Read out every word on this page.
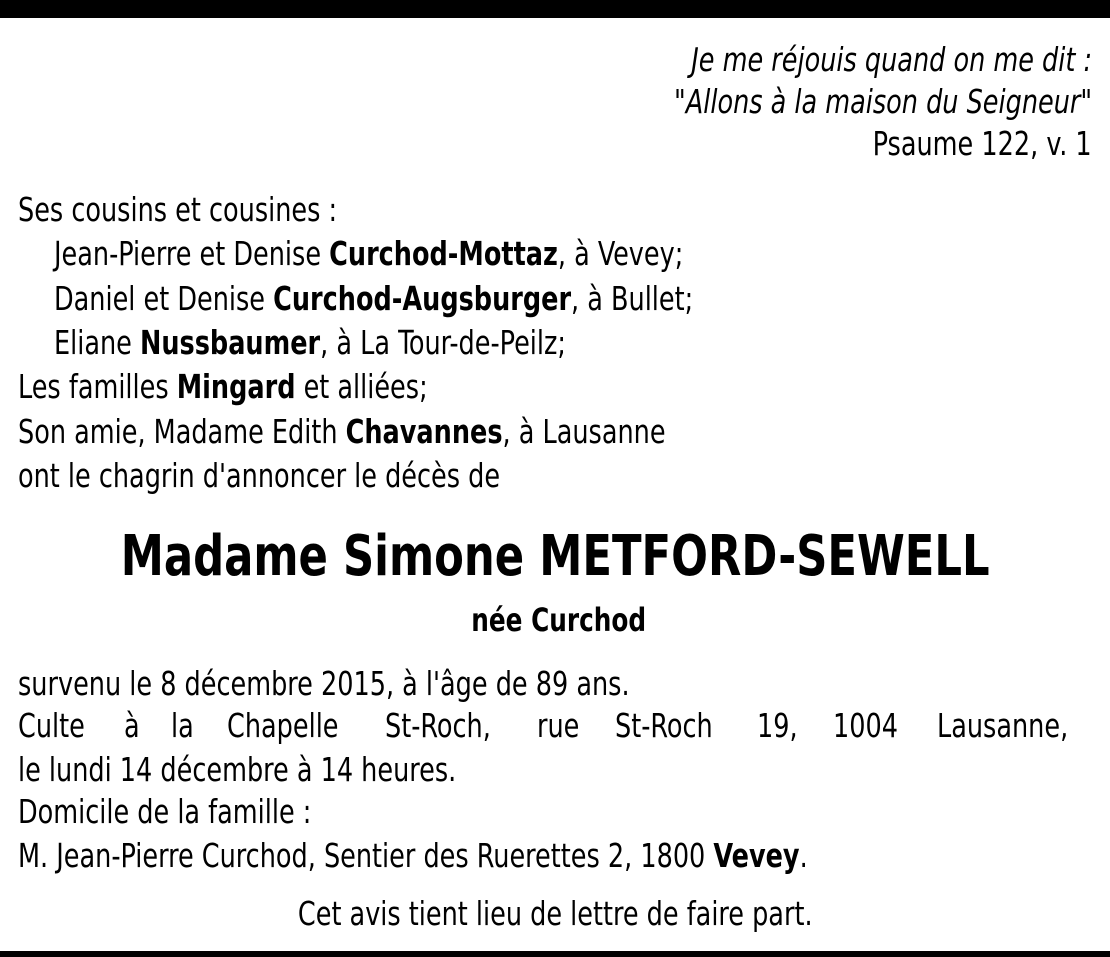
Je me réjouis quand on me dit :
"Allons à la maison du Seigneur"
Psaume 122, v. 1
Ses cousins et cousines :
Jean-Pierre et Denise Curchod-Mottaz, à Vevey;
Daniel et Denise Curchod-Augsburger, à Bullet;
Eliane Nussbaumer, à La Tour-de-Peilz;
Les familles Mingard et alliées;
Son amie, Madame Edith Chavannes, à Lausanne
ont le chagrin d'annoncer le décès de
Madame Simone METFORD-SEWELL
née Curchod
survenu le 8 décembre 2015, à l'âge de 89 ans.
Culte à la Chapelle St-Roch, rue St-Roch 19, 1004 Lausanne,
le lundi 14 décembre à 14 heures.
Domicile de la famille :
M. Jean-Pierre Curchod, Sentier des Ruerettes 2, 1800 Vevey.
Cet avis tient lieu de lettre de faire part.
